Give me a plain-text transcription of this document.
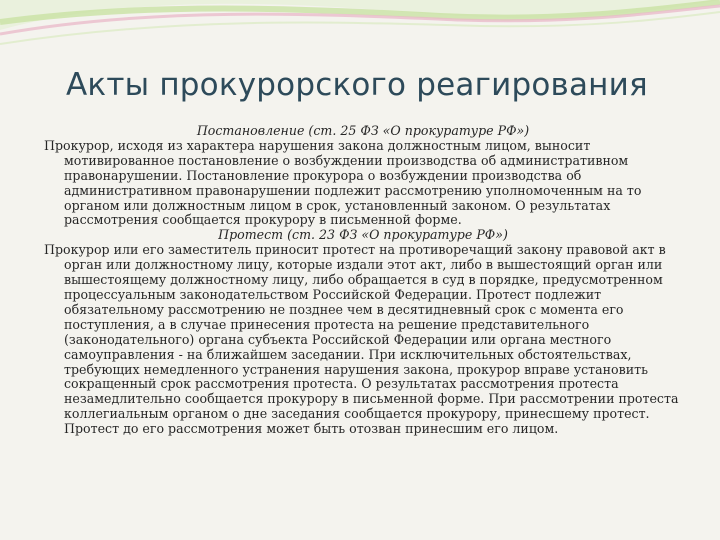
Акты прокурорского реагирования

Постановление (ст. 25 ФЗ «О прокуратуре РФ»)

Прокурор, исходя из характера нарушения закона должностным лицом, выносит мотивированное постановление о возбуждении производства об административном правонарушении. Постановление прокурора о возбуждении производства об административном правонарушении подлежит рассмотрению уполномоченным на то органом или должностным лицом в срок, установленный законом. О результатах рассмотрения сообщается прокурору в письменной форме.

Протест (ст. 23 ФЗ «О прокуратуре РФ»)

Прокурор или его заместитель приносит протест на противоречащий закону правовой акт в орган или должностному лицу, которые издали этот акт, либо в вышестоящий орган или вышестоящему должностному лицу, либо обращается в суд в порядке, предусмотренном процессуальным законодательством Российской Федерации. Протест подлежит обязательному рассмотрению не позднее чем в десятидневный срок с момента его поступления, а в случае принесения протеста на решение представительного (законодательного) органа субъекта Российской Федерации или органа местного самоуправления - на ближайшем заседании. При исключительных обстоятельствах, требующих немедленного устранения нарушения закона, прокурор вправе установить сокращенный срок рассмотрения протеста. О результатах рассмотрения протеста незамедлительно сообщается прокурору в письменной форме. При рассмотрении протеста коллегиальным органом о дне заседания сообщается прокурору, принесшему протест. Протест до его рассмотрения может быть отозван принесшим его лицом.
